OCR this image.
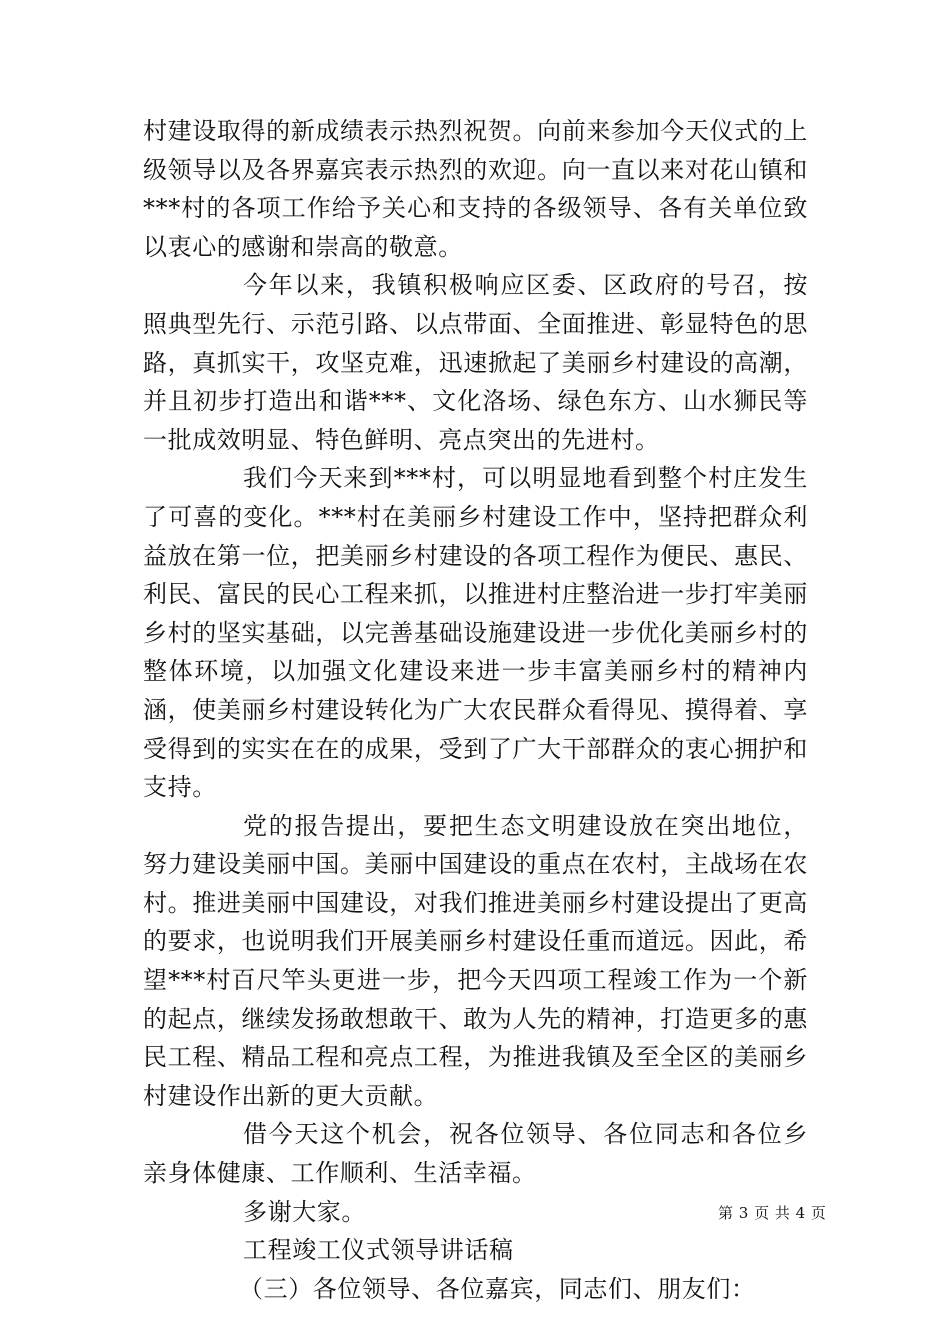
村建设取得的新成绩表示热烈祝贺。向前来参加今天仪式的上级领导以及各界嘉宾表示热烈的欢迎。向一直以来对花山镇和***村的各项工作给予关心和支持的各级领导、各有关单位致以衷心的感谢和崇高的敬意。

今年以来，我镇积极响应区委、区政府的号召，按照典型先行、示范引路、以点带面、全面推进、彰显特色的思路，真抓实干，攻坚克难，迅速掀起了美丽乡村建设的高潮，并且初步打造出和谐***、文化洛场、绿色东方、山水狮民等一批成效明显、特色鲜明、亮点突出的先进村。

我们今天来到***村，可以明显地看到整个村庄发生了可喜的变化。***村在美丽乡村建设工作中，坚持把群众利益放在第一位，把美丽乡村建设的各项工程作为便民、惠民、利民、富民的民心工程来抓，以推进村庄整治进一步打牢美丽乡村的坚实基础，以完善基础设施建设进一步优化美丽乡村的整体环境，以加强文化建设来进一步丰富美丽乡村的精神内涵，使美丽乡村建设转化为广大农民群众看得见、摸得着、享受得到的实实在在的成果，受到了广大干部群众的衷心拥护和支持。

党的报告提出，要把生态文明建设放在突出地位，努力建设美丽中国。美丽中国建设的重点在农村，主战场在农村。推进美丽中国建设，对我们推进美丽乡村建设提出了更高的要求，也说明我们开展美丽乡村建设任重而道远。因此，希望***村百尺竿头更进一步，把今天四项工程竣工作为一个新的起点，继续发扬敢想敢干、敢为人先的精神，打造更多的惠民工程、精品工程和亮点工程，为推进我镇及至全区的美丽乡村建设作出新的更大贡献。

借今天这个机会，祝各位领导、各位同志和各位乡亲身体健康、工作顺利、生活幸福。

多谢大家。

工程竣工仪式领导讲话稿

（三）各位领导、各位嘉宾，同志们、朋友们：

第 3 页 共 4 页
